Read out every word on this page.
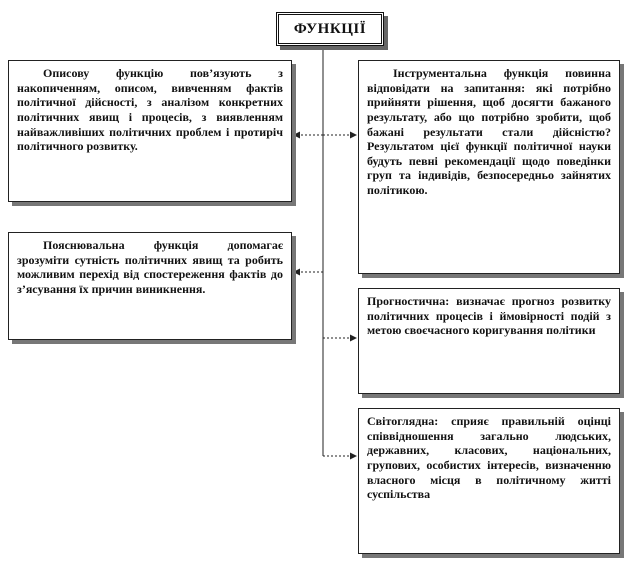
ФУНКЦІЇ
Описову функцію пов’язують з накопиченням, описом, вивченням фактів політичної дійсності, з аналізом конкретних політичних явищ і процесів, з виявленням найважливіших політичних проблем і протиріч політичного розвитку.
Пояснювальна функція допомагає зрозуміти сутність політичних явищ та робить можливим перехід від спостереження фактів до з’ясування їх причин виникнення.
Інструментальна функція повинна відповідати на запитання: які потрібно прийняти рішення, щоб досягти бажаного результату, або що потрібно зробити, щоб бажані результати стали дійсністю? Результатом цієї функції політичної науки будуть певні рекомендації щодо поведінки груп та індивідів, безпосередньо зайнятих політикою.
Прогностична: визначає прогноз розвитку політичних процесів і ймовірності подій з метою своєчасного коригування політики
Світоглядна: сприяє правильній оцінці співвідношення загально людських, державних, класових, національних, групових, особистих інтересів, визначенню власного місця в політичному житті суспільства
